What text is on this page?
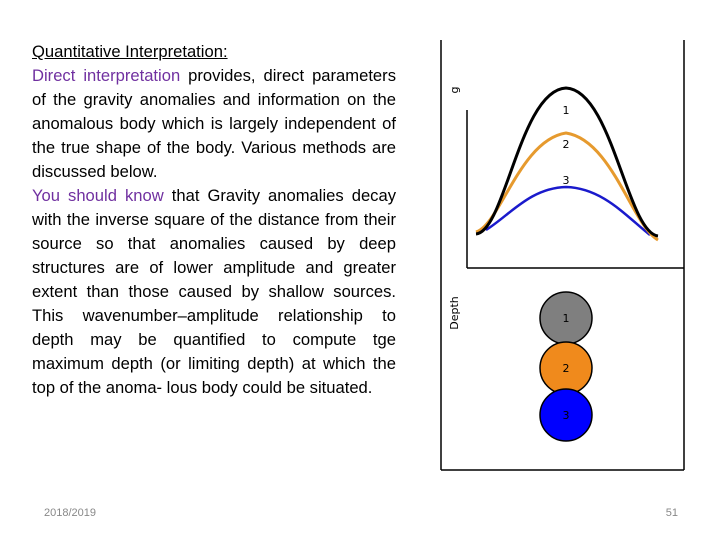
Quantitative Interpretation:

Direct interpretation provides, direct parameters of the gravity anomalies and information on the anomalous body which is largely independent of the true shape of the body. Various methods are discussed below.

You should know that Gravity anomalies decay with the inverse square of the distance from their source so that anomalies caused by deep structures are of lower amplitude and greater extent than those caused by shallow sources. This wavenumber–amplitude relationship to depth may be quantified to compute tge maximum depth (or limiting depth) at which the top of the anoma- lous body could be situated.

g
Depth
1
2
3
1
2
3
2018/2019	51
